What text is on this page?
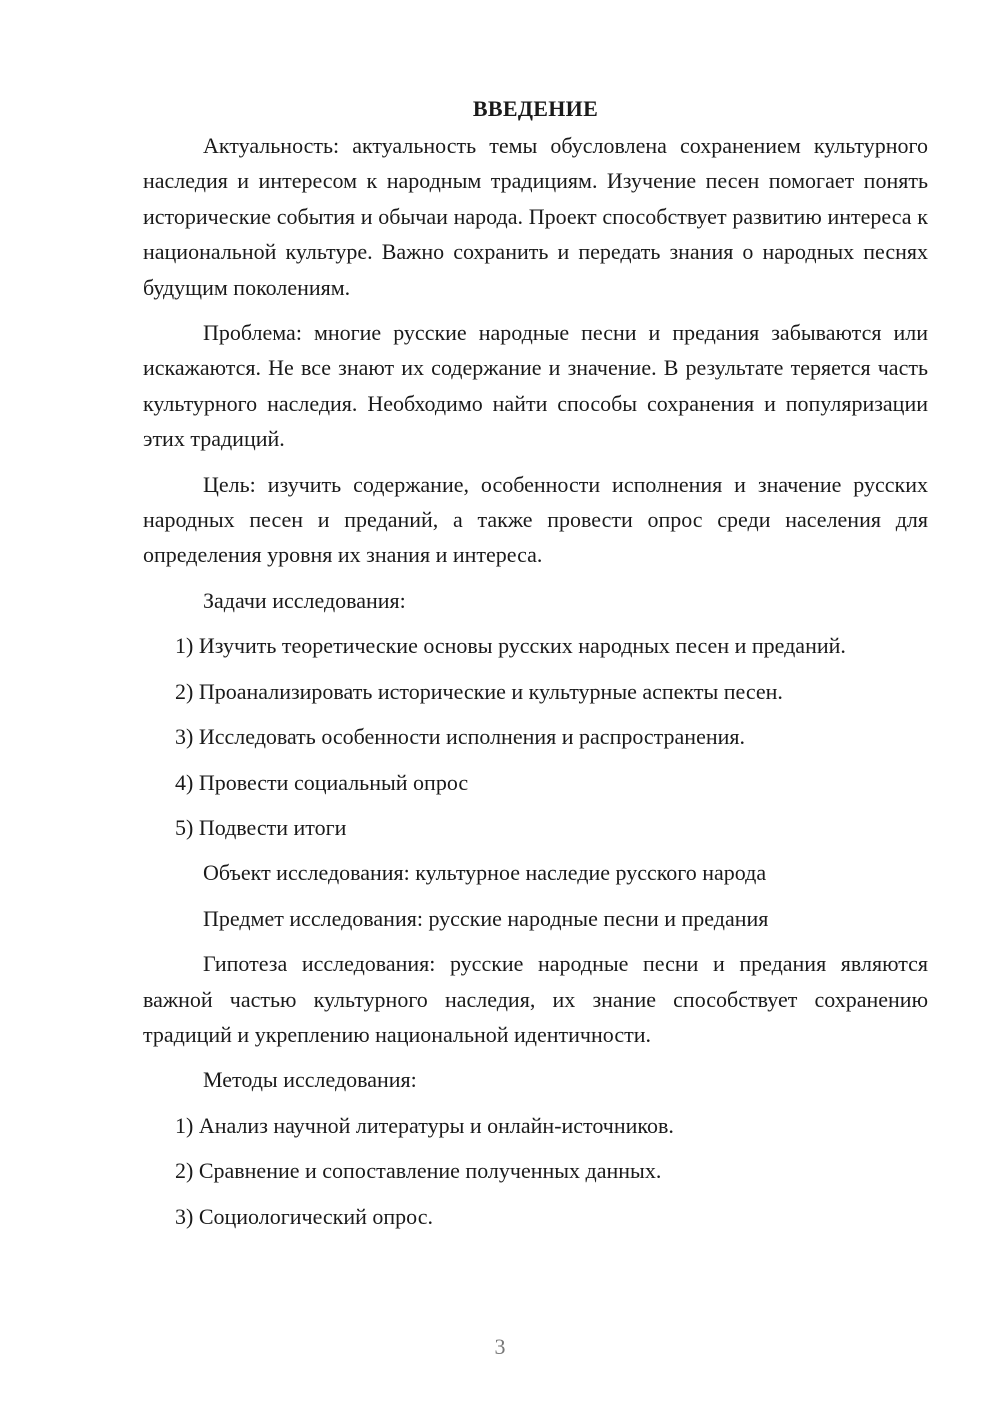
ВВЕДЕНИЕ

Актуальность: актуальность темы обусловлена сохранением культурного наследия и интересом к народным традициям. Изучение песен помогает понять исторические события и обычаи народа. Проект способствует развитию интереса к национальной культуре. Важно сохранить и передать знания о народных песнях будущим поколениям.

Проблема: многие русские народные песни и предания забываются или искажаются. Не все знают их содержание и значение. В результате теряется часть культурного наследия. Необходимо найти способы сохранения и популяризации этих традиций.

Цель: изучить содержание, особенности исполнения и значение русских народных песен и преданий, а также провести опрос среди населения для определения уровня их знания и интереса.

Задачи исследования:
1) Изучить теоретические основы русских народных песен и преданий.
2) Проанализировать исторические и культурные аспекты песен.
3) Исследовать особенности исполнения и распространения.
4) Провести социальный опрос
5) Подвести итоги
Объект исследования: культурное наследие русского народа
Предмет исследования: русские народные песни и предания

Гипотеза исследования: русские народные песни и предания являются важной частью культурного наследия, их знание способствует сохранению традиций и укреплению национальной идентичности.

Методы исследования:
1) Анализ научной литературы и онлайн-источников.
2) Сравнение и сопоставление полученных данных.
3) Социологический опрос.
3
